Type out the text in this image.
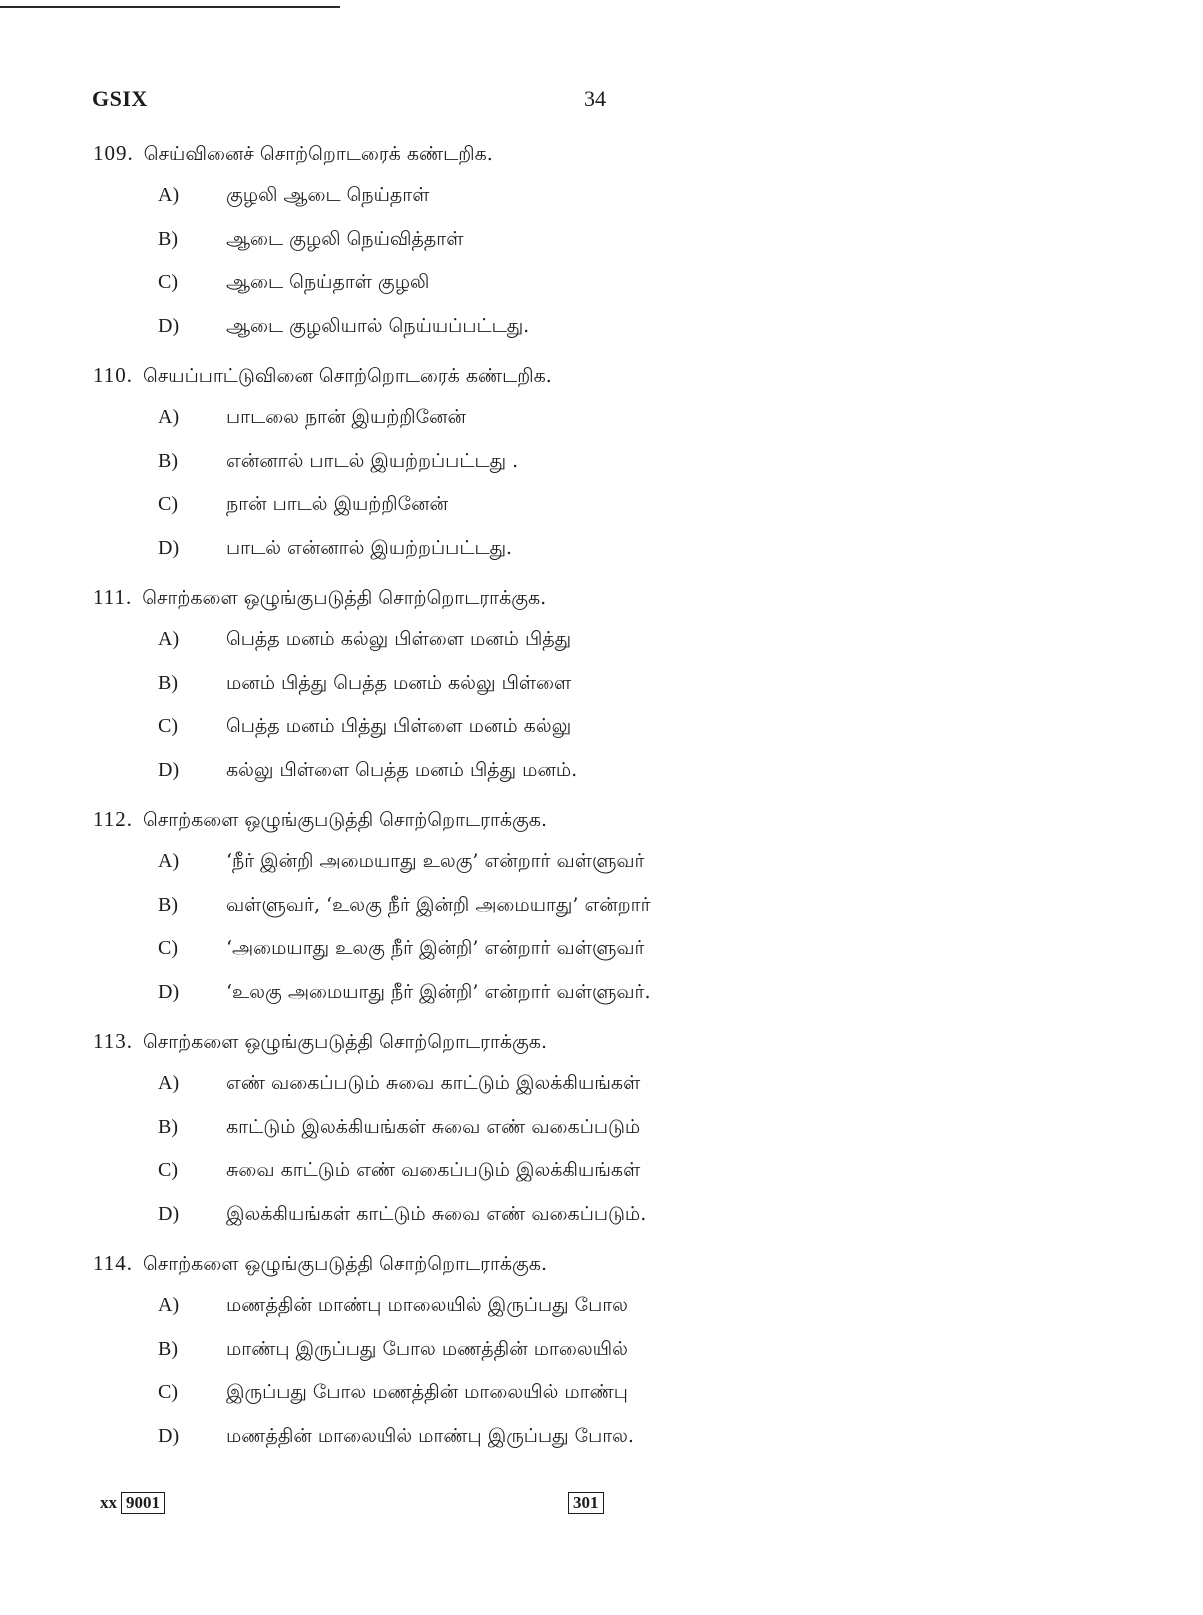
GSIX	34
109. செய்வினைச் சொற்றொடரைக் கண்டறிக.
A) குழலி ஆடை நெய்தாள்
B)	ஆடை குழலி நெய்வித்தாள்
C)	ஆடை நெய்தாள் குழலி
D) ஆடை குழலியால் நெய்யப்பட்டது.
110. செயப்பாட்டுவினை சொற்றொடரைக் கண்டறிக.
A) பாடலை நான் இயற்றினேன்
B)	என்னால் பாடல் இயற்றப்பட்டது .
C)	நான் பாடல் இயற்றினேன்
D) பாடல் என்னால் இயற்றப்பட்டது.
111. சொற்களை ஒழுங்குபடுத்தி சொற்றொடராக்குக.
A) பெத்த மனம் கல்லு பிள்ளை மனம் பித்து
B)	மனம் பித்து பெத்த மனம் கல்லு பிள்ளை
C)	பெத்த மனம் பித்து பிள்ளை மனம் கல்லு
D) கல்லு பிள்ளை பெத்த மனம் பித்து மனம்.
112. சொற்களை ஒழுங்குபடுத்தி சொற்றொடராக்குக.
A) ‘நீர் இன்றி அமையாது உலகு’ என்றார் வள்ளுவர்
B)	வள்ளுவர், ‘உலகு நீர் இன்றி அமையாது’ என்றார்
C)	‘அமையாது உலகு நீர் இன்றி’ என்றார் வள்ளுவர்
D) ‘உலகு அமையாது நீர் இன்றி’ என்றார் வள்ளுவர்.
113. சொற்களை ஒழுங்குபடுத்தி சொற்றொடராக்குக.
A) எண் வகைப்படும் சுவை காட்டும் இலக்கியங்கள்
B)	காட்டும் இலக்கியங்கள் சுவை எண் வகைப்படும்
C)	சுவை காட்டும் எண் வகைப்படும் இலக்கியங்கள்
D) இலக்கியங்கள் காட்டும் சுவை எண் வகைப்படும்.
114. சொற்களை ஒழுங்குபடுத்தி சொற்றொடராக்குக.
A) மணத்தின் மாண்பு மாலையில் இருப்பது போல
B)	மாண்பு இருப்பது போல மணத்தின் மாலையில்
C)	இருப்பது போல மணத்தின் மாலையில் மாண்பு
D) மணத்தின் மாலையில் மாண்பு இருப்பது போல.
xx 9001	301
